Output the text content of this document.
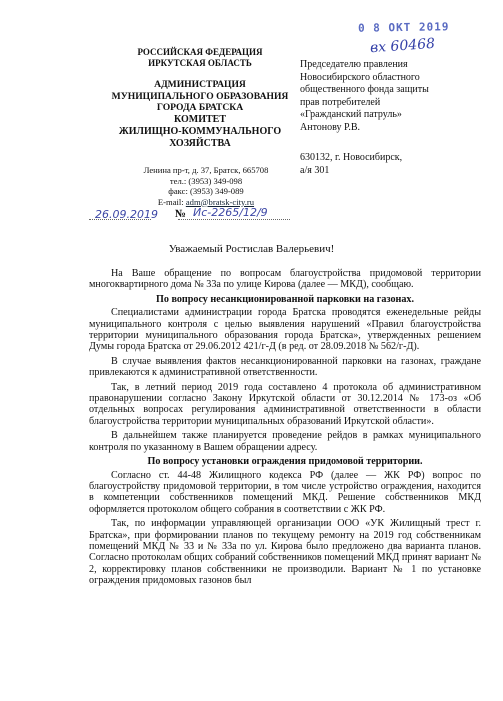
0 8 ОКТ 2019
вх 60468
РОССИЙСКАЯ ФЕДЕРАЦИЯ
ИРКУТСКАЯ ОБЛАСТЬ
АДМИНИСТРАЦИЯ
МУНИЦИПАЛЬНОГО ОБРАЗОВАНИЯ
ГОРОДА БРАТСКА
КОМИТЕТ
ЖИЛИЩНО-КОММУНАЛЬНОГО
ХОЗЯЙСТВА
Ленина пр-т, д. 37, Братск, 665708
тел.: (3953) 349-098
факс: (3953) 349-089
E-mail: adm@bratsk-city.ru
26.09.2019 № Ис-2265/12/9
Председателю правления
Новосибирского областного
общественного фонда защиты
прав потребителей
«Гражданский патруль»
Антонову Р.В.
630132, г. Новосибирск,
а/я 301
Уважаемый Ростислав Валерьевич!

На Ваше обращение по вопросам благоустройства придомовой территории многоквартирного дома № 33а по улице Кирова (далее — МКД), сообщаю.

По вопросу несанкционированной парковки на газонах.

Специалистами администрации города Братска проводятся еженедельные рейды муниципального контроля с целью выявления нарушений «Правил благоустройства территории муниципального образования города Братска», утвержденных решением Думы города Братска от 29.06.2012 421/г-Д (в ред. от 28.09.2018 № 562/г-Д).

В случае выявления фактов несанкционированной парковки на газонах, граждане привлекаются к административной ответственности.

Так, в летний период 2019 года составлено 4 протокола об административном правонарушении согласно Закону Иркутской области от 30.12.2014 № 173-оз «Об отдельных вопросах регулирования административной ответственности в области благоустройства территории муниципальных образований Иркутской области».

В дальнейшем также планируется проведение рейдов в рамках муниципального контроля по указанному в Вашем обращении адресу.

По вопросу установки ограждения придомовой территории.

Согласно ст. 44-48 Жилищного кодекса РФ (далее — ЖК РФ) вопрос по благоустройству придомовой территории, в том числе устройство ограждения, находится в компетенции собственников помещений МКД. Решение собственников МКД оформляется протоколом общего собрания в соответствии с ЖК РФ.

Так, по информации управляющей организации ООО «УК Жилищный трест г. Братска», при формировании планов по текущему ремонту на 2019 год собственникам помещений МКД № 33 и № 33а по ул. Кирова было предложено два варианта планов. Согласно протоколам общих собраний собственников помещений МКД принят вариант № 2, корректировку планов собственники не производили. Вариант № 1 по установке ограждения придомовых газонов был
